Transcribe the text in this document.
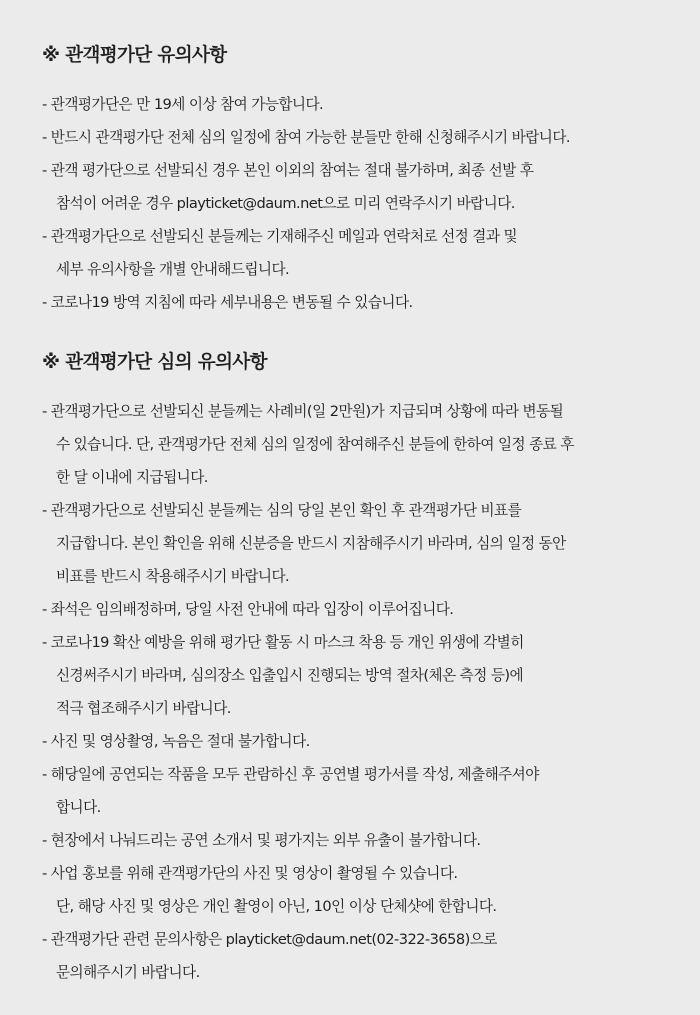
※ 관객평가단 유의사항
- 관객평가단은 만 19세 이상 참여 가능합니다.
- 반드시 관객평가단 전체 심의 일정에 참여 가능한 분들만 한해 신청해주시기 바랍니다.
- 관객 평가단으로 선발되신 경우 본인 이외의 참여는 절대 불가하며, 최종 선발 후
참석이 어려운 경우 playticket@daum.net으로 미리 연락주시기 바랍니다.
- 관객평가단으로 선발되신 분들께는 기재해주신 메일과 연락처로 선정 결과 및
세부 유의사항을 개별 안내해드립니다.
- 코로나19 방역 지침에 따라 세부내용은 변동될 수 있습니다.
※ 관객평가단 심의 유의사항
- 관객평가단으로 선발되신 분들께는 사례비(일 2만원)가 지급되며 상황에 따라 변동될
수 있습니다. 단, 관객평가단 전체 심의 일정에 참여해주신 분들에 한하여 일정 종료 후
한 달 이내에 지급됩니다.
- 관객평가단으로 선발되신 분들께는 심의 당일 본인 확인 후 관객평가단 비표를
지급합니다. 본인 확인을 위해 신분증을 반드시 지참해주시기 바라며, 심의 일정 동안
비표를 반드시 착용해주시기 바랍니다.
- 좌석은 임의배정하며, 당일 사전 안내에 따라 입장이 이루어집니다.
- 코로나19 확산 예방을 위해 평가단 활동 시 마스크 착용 등 개인 위생에 각별히
신경써주시기 바라며, 심의장소 입출입시 진행되는 방역 절차(체온 측정 등)에
적극 협조해주시기 바랍니다.
- 사진 및 영상촬영, 녹음은 절대 불가합니다.
- 해당일에 공연되는 작품을 모두 관람하신 후 공연별 평가서를 작성, 제출해주셔야
합니다.
- 현장에서 나눠드리는 공연 소개서 및 평가지는 외부 유출이 불가합니다.
- 사업 홍보를 위해 관객평가단의 사진 및 영상이 촬영될 수 있습니다.
단, 해당 사진 및 영상은 개인 촬영이 아닌, 10인 이상 단체샷에 한합니다.
- 관객평가단 관련 문의사항은 playticket@daum.net(02-322-3658)으로
문의해주시기 바랍니다.
